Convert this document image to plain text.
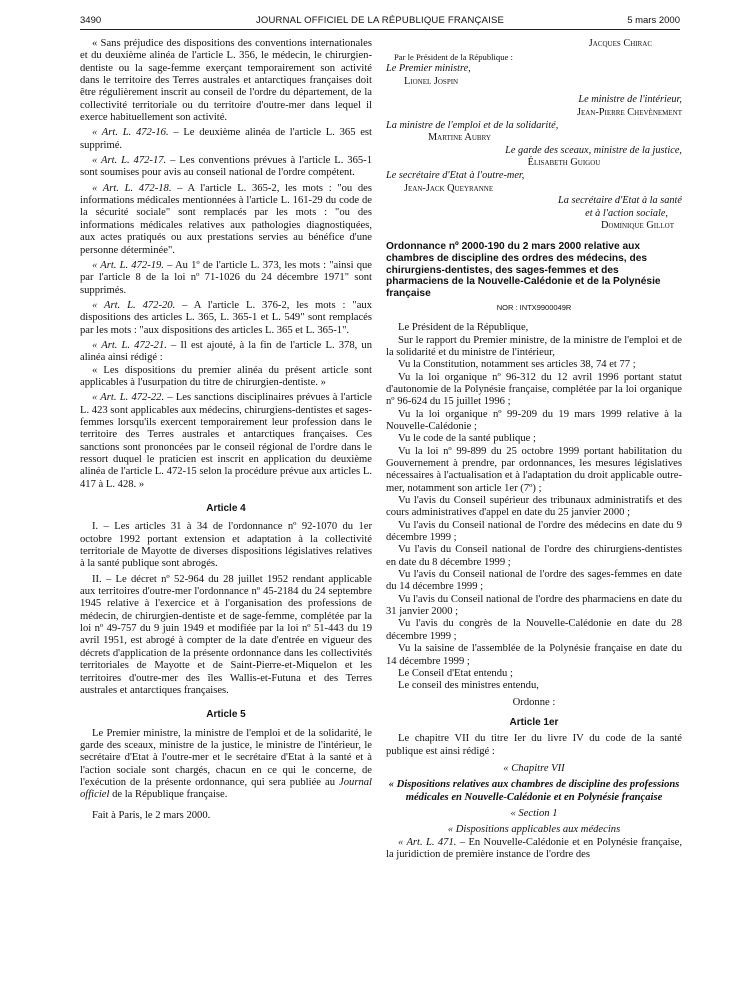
3490	JOURNAL OFFICIEL DE LA RÉPUBLIQUE FRANÇAISE	5 mars 2000

« Sans préjudice des dispositions des conventions internationales et du deuxième alinéa de l'article L. 356, le médecin, le chirurgien-dentiste ou la sage-femme exerçant temporairement son activité dans le territoire des Terres australes et antarctiques françaises doit être régulièrement inscrit au conseil de l'ordre du département, de la collectivité territoriale ou du territoire d'outre-mer dans lequel il exerce habituellement son activité.

« Art. L. 472-16. – Le deuxième alinéa de l'article L. 365 est supprimé.

« Art. L. 472-17. – Les conventions prévues à l'article L. 365-1 sont soumises pour avis au conseil national de l'ordre compétent.

« Art. L. 472-18. – A l'article L. 365-2, les mots : "ou des informations médicales mentionnées à l'article L. 161-29 du code de la sécurité sociale" sont remplacés par les mots : "ou des informations médicales relatives aux pathologies diagnostiquées, aux actes pratiqués ou aux prestations servies au bénéfice d'une personne déterminée".

« Art. L. 472-19. – Au 1º de l'article L. 373, les mots : "ainsi que par l'article 8 de la loi nº 71-1026 du 24 décembre 1971" sont supprimés.

« Art. L. 472-20. – A l'article L. 376-2, les mots : "aux dispositions des articles L. 365, L. 365-1 et L. 549" sont remplacés par les mots : "aux dispositions des articles L. 365 et L. 365-1".

« Art. L. 472-21. – Il est ajouté, à la fin de l'article L. 378, un alinéa ainsi rédigé :

« Les dispositions du premier alinéa du présent article sont applicables à l'usurpation du titre de chirurgien-dentiste. »

« Art. L. 472-22. – Les sanctions disciplinaires prévues à l'article L. 423 sont applicables aux médecins, chirurgiens-dentistes et sages-femmes lorsqu'ils exercent temporairement leur profession dans le territoire des Terres australes et antarctiques françaises. Ces sanctions sont prononcées par le conseil régional de l'ordre dans le ressort duquel le praticien est inscrit en application du deuxième alinéa de l'article L. 472-15 selon la procédure prévue aux articles L. 417 à L. 428. »

Article 4

I. – Les articles 31 à 34 de l'ordonnance nº 92-1070 du 1er octobre 1992 portant extension et adaptation à la collectivité territoriale de Mayotte de diverses dispositions législatives relatives à la santé publique sont abrogés.

II. – Le décret nº 52-964 du 28 juillet 1952 rendant applicable aux territoires d'outre-mer l'ordonnance nº 45-2184 du 24 septembre 1945 relative à l'exercice et à l'organisation des professions de médecin, de chirurgien-dentiste et de sage-femme, complétée par la loi nº 49-757 du 9 juin 1949 et modifiée par la loi nº 51-443 du 19 avril 1951, est abrogé à compter de la date d'entrée en vigueur des décrets d'application de la présente ordonnance dans les collectivités territoriales de Mayotte et de Saint-Pierre-et-Miquelon et les territoires d'outre-mer des îles Wallis-et-Futuna et des Terres australes et antarctiques françaises.

Article 5

Le Premier ministre, la ministre de l'emploi et de la solidarité, le garde des sceaux, ministre de la justice, le ministre de l'intérieur, le secrétaire d'Etat à l'outre-mer et le secrétaire d'Etat à la santé et à l'action sociale sont chargés, chacun en ce qui le concerne, de l'exécution de la présente ordonnance, qui sera publiée au Journal officiel de la République française.

Fait à Paris, le 2 mars 2000.

Jacques Chirac
Par le Président de la République :
Le Premier ministre,
Lionel Jospin
Le ministre de l'intérieur,
Jean-Pierre Chevènement
La ministre de l'emploi et de la solidarité,
Martine Aubry
Le garde des sceaux, ministre de la justice,
Élisabeth Guigou
Le secrétaire d'Etat à l'outre-mer,
Jean-Jack Queyranne
La secrétaire d'Etat à la santé
et à l'action sociale,
Dominique Gillot
Ordonnance nº 2000-190 du 2 mars 2000 relative aux chambres de discipline des ordres des médecins, des chirurgiens-dentistes, des sages-femmes et des pharmaciens de la Nouvelle-Calédonie et de la Polynésie française
NOR : INTX9900049R

Le Président de la République,

Sur le rapport du Premier ministre, de la ministre de l'emploi et de la solidarité et du ministre de l'intérieur,

Vu la Constitution, notamment ses articles 38, 74 et 77 ;

Vu la loi organique nº 96-312 du 12 avril 1996 portant statut d'autonomie de la Polynésie française, complétée par la loi organique nº 96-624 du 15 juillet 1996 ;

Vu la loi organique nº 99-209 du 19 mars 1999 relative à la Nouvelle-Calédonie ;

Vu le code de la santé publique ;

Vu la loi nº 99-899 du 25 octobre 1999 portant habilitation du Gouvernement à prendre, par ordonnances, les mesures législatives nécessaires à l'actualisation et à l'adaptation du droit applicable outre-mer, notamment son article 1er (7º) ;

Vu l'avis du Conseil supérieur des tribunaux administratifs et des cours administratives d'appel en date du 25 janvier 2000 ;

Vu l'avis du Conseil national de l'ordre des médecins en date du 9 décembre 1999 ;

Vu l'avis du Conseil national de l'ordre des chirurgiens-dentistes en date du 8 décembre 1999 ;

Vu l'avis du Conseil national de l'ordre des sages-femmes en date du 14 décembre 1999 ;

Vu l'avis du Conseil national de l'ordre des pharmaciens en date du 31 janvier 2000 ;

Vu l'avis du congrès de la Nouvelle-Calédonie en date du 28 décembre 1999 ;

Vu la saisine de l'assemblée de la Polynésie française en date du 14 décembre 1999 ;

Le Conseil d'Etat entendu ;

Le conseil des ministres entendu,

Ordonne :

Article 1er

Le chapitre VII du titre Ier du livre IV du code de la santé publique est ainsi rédigé :

« Chapitre VII

« Dispositions relatives aux chambres de discipline des professions médicales en Nouvelle-Calédonie et en Polynésie française

« Section 1

« Dispositions applicables aux médecins

« Art. L. 471. – En Nouvelle-Calédonie et en Polynésie française, la juridiction de première instance de l'ordre des
